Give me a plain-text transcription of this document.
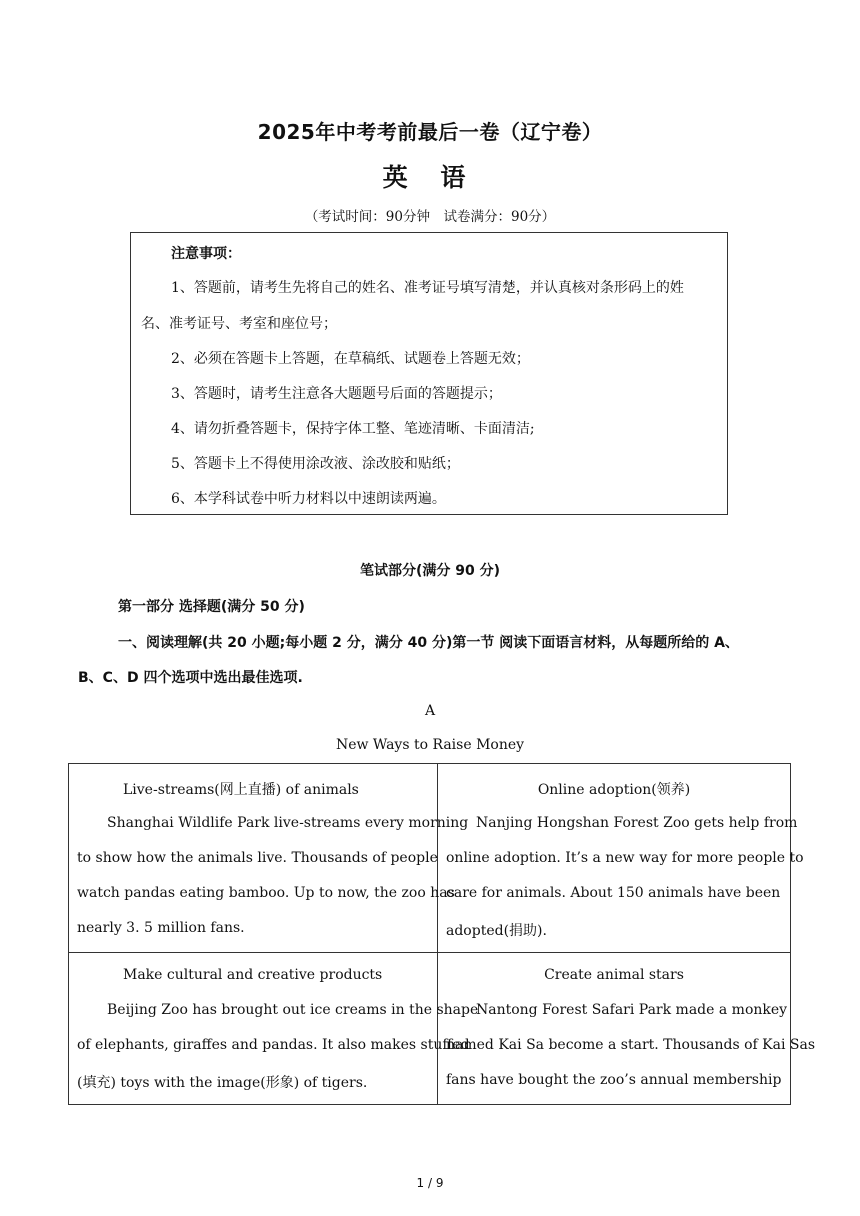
2025年中考考前最后一卷（辽宁卷）
英 语
（考试时间：90分钟　试卷满分：90分）
注意事项：
1、答题前，请考生先将自己的姓名、准考证号填写清楚，并认真核对条形码上的姓
名、准考证号、考室和座位号；
2、必须在答题卡上答题，在草稿纸、试题卷上答题无效；
3、答题时，请考生注意各大题题号后面的答题提示；
4、请勿折叠答题卡，保持字体工整、笔迹清晰、卡面清洁;
5、答题卡上不得使用涂改液、涂改胶和贴纸；
6、本学科试卷中听力材料以中速朗读两遍。
笔试部分(满分 90 分)
第一部分 选择题(满分 50 分)
一、阅读理解(共 20 小题;每小题 2 分，满分 40 分)第一节 阅读下面语言材料，从每题所给的 A、
B、C、D 四个选项中选出最佳选项.
A
New Ways to Raise Money
Live-streams(网上直播) of animals
Shanghai Wildlife Park live-streams every morning
to show how the animals live. Thousands of people
watch pandas eating bamboo. Up to now, the zoo has
nearly 3. 5 million fans.
Online adoption(领养)
Nanjing Hongshan Forest Zoo gets help from
online adoption. It’s a new way for more people to
care for animals. About 150 animals have been
adopted(捐助).
Make cultural and creative products
Beijing Zoo has brought out ice creams in the shape
of elephants, giraffes and pandas. It also makes stuffed
(填充) toys with the image(形象) of tigers.
Create animal stars
Nantong Forest Safari Park made a monkey
named Kai Sa become a start. Thousands of Kai Sas
fans have bought the zoo’s annual membership
1 / 9
